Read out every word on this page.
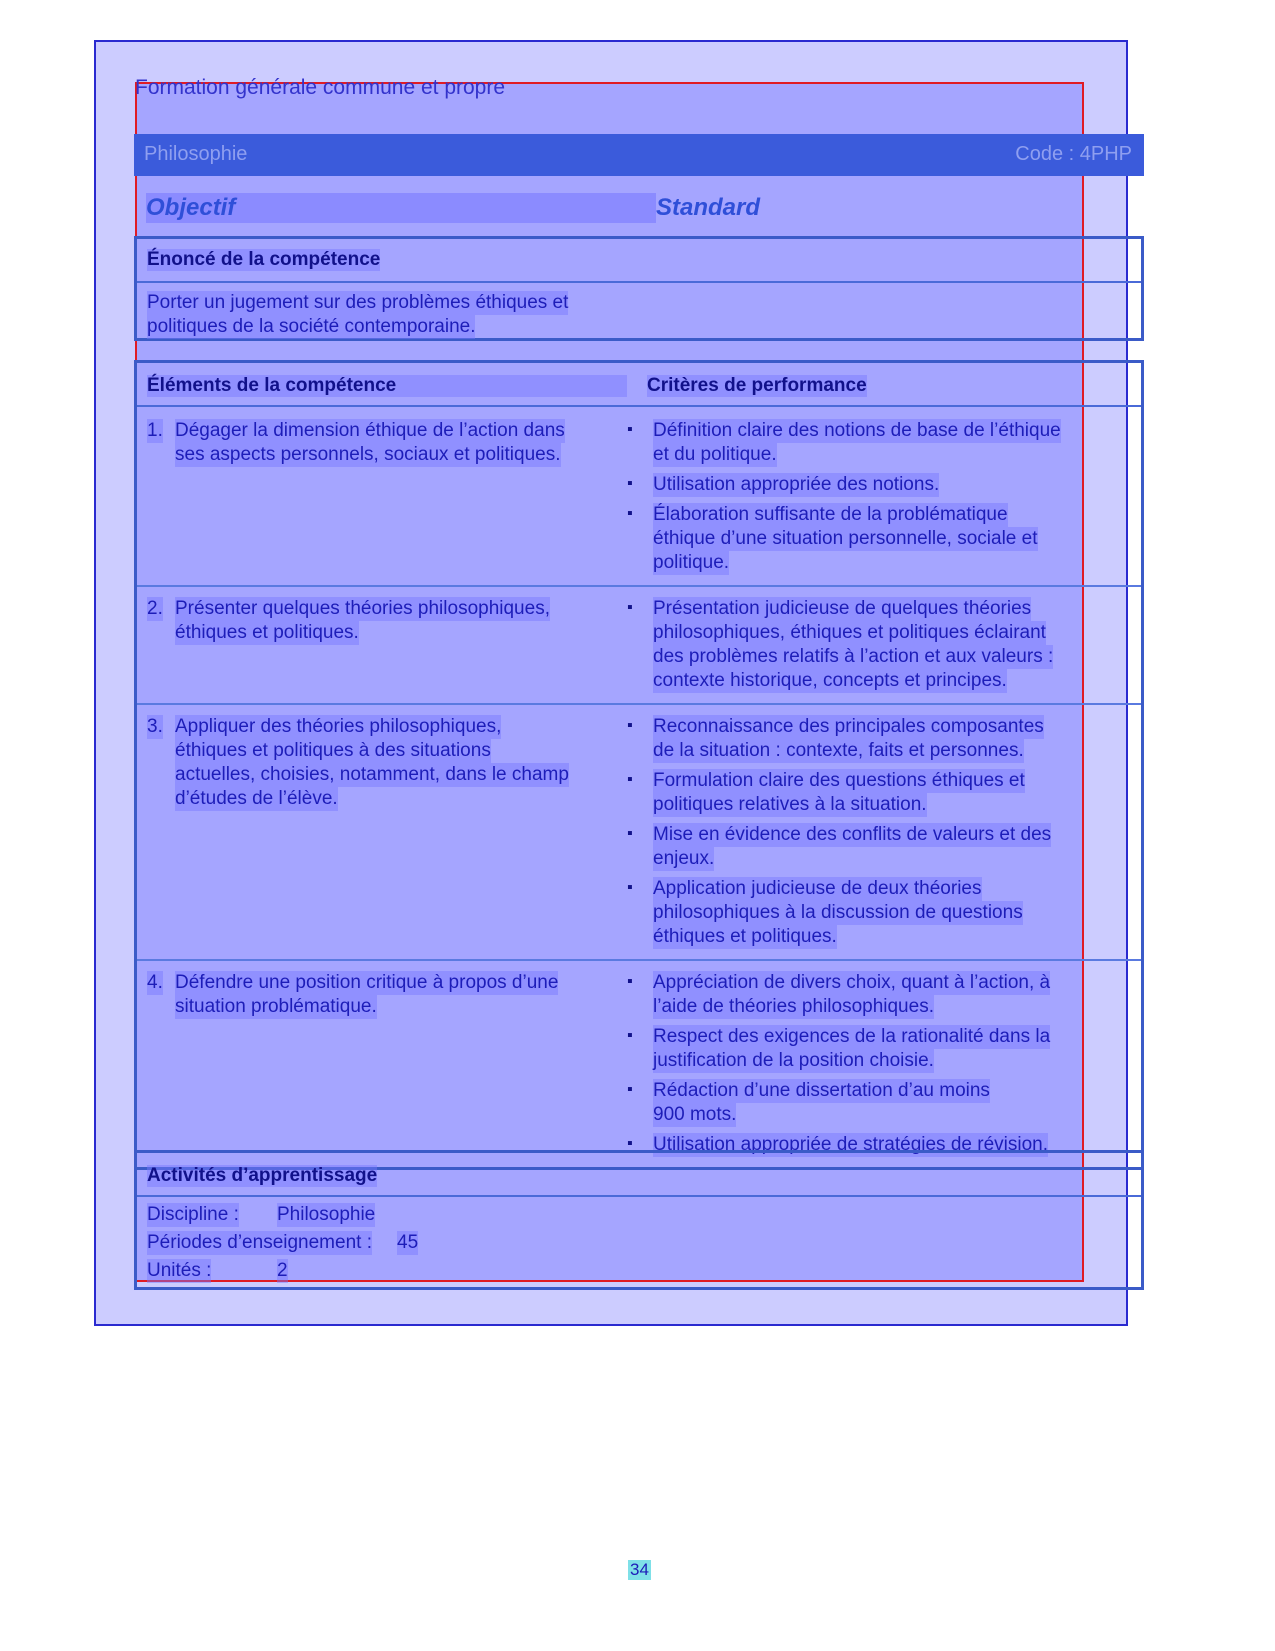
Formation générale commune et propre
Philosophie	Code : 4PHP
Objectif	Standard
Énoncé de la compétence
Porter un jugement sur des problèmes éthiques et
politiques de la société contemporaine.
Éléments de la compétence	Critères de performance
1. Dégager la dimension éthique de l’action dans
ses aspects personnels, sociaux et politiques.
▪ Définition claire des notions de base de l’éthique
et du politique.
▪ Utilisation appropriée des notions.
▪ Élaboration suffisante de la problématique
éthique d’une situation personnelle, sociale et
politique.
2. Présenter quelques théories philosophiques,
éthiques et politiques.
▪ Présentation judicieuse de quelques théories
philosophiques, éthiques et politiques éclairant
des problèmes relatifs à l’action et aux valeurs :
contexte historique, concepts et principes.
3. Appliquer des théories philosophiques,
éthiques et politiques à des situations
actuelles, choisies, notamment, dans le champ
d’études de l’élève.
▪ Reconnaissance des principales composantes
de la situation : contexte, faits et personnes.
▪ Formulation claire des questions éthiques et
politiques relatives à la situation.
▪ Mise en évidence des conflits de valeurs et des
enjeux.
▪ Application judicieuse de deux théories
philosophiques à la discussion de questions
éthiques et politiques.
4. Défendre une position critique à propos d’une
situation problématique.
▪ Appréciation de divers choix, quant à l’action, à
l’aide de théories philosophiques.
▪ Respect des exigences de la rationalité dans la
justification de la position choisie.
▪ Rédaction d’une dissertation d’au moins
900 mots.
▪ Utilisation appropriée de stratégies de révision.
Activités d’apprentissage
Discipline : Philosophie
Périodes d’enseignement : 45
Unités :	2
34
